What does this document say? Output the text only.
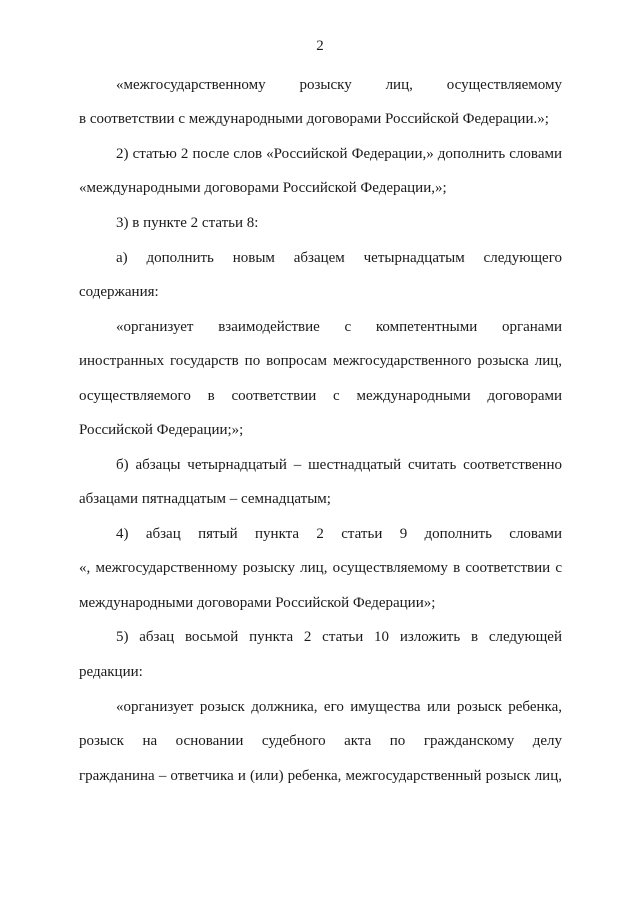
2
«межгосударственному розыску лиц, осуществляемому
в соответствии с международными договорами Российской Федерации.»;
2) статью 2 после слов «Российской Федерации,» дополнить словами
«международными договорами Российской Федерации,»;
3) в пункте 2 статьи 8:
а) дополнить новым абзацем четырнадцатым следующего
содержания:
«организует взаимодействие с компетентными органами
иностранных государств по вопросам межгосударственного розыска лиц,
осуществляемого в соответствии с международными договорами
Российской Федерации;»;
б) абзацы четырнадцатый – шестнадцатый считать соответственно
абзацами пятнадцатым – семнадцатым;
4) абзац пятый пункта 2 статьи 9 дополнить словами
«, межгосударственному розыску лиц, осуществляемому в соответствии с
международными договорами Российской Федерации»;
5) абзац восьмой пункта 2 статьи 10 изложить в следующей
редакции:
«организует розыск должника, его имущества или розыск ребенка,
розыск на основании судебного акта по гражданскому делу
гражданина – ответчика и (или) ребенка, межгосударственный розыск лиц,
